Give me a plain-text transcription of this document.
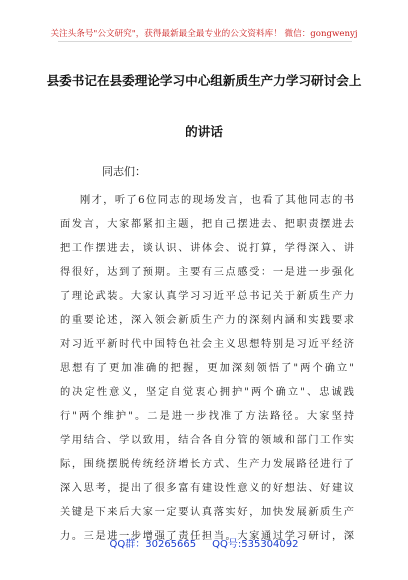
关注头条号"公文研究"，获得最新最全最专业的公文资料库！ 微信：gongwenyj
县委书记在县委理论学习中心组新质生产力学习研讨会上
的讲话
同志们：
刚才，听了6位同志的现场发言，也看了其他同志的书
面发言，大家都紧扣主题，把自己摆进去、把职责摆进去
把工作摆进去，谈认识、讲体会、说打算，学得深入、讲
得很好，达到了预期。主要有三点感受：一是进一步强化
了理论武装。大家认真学习习近平总书记关于新质生产力
的重要论述，深入领会新质生产力的深刻内涵和实践要求
对习近平新时代中国特色社会主义思想特别是习近平经济
思想有了更加准确的把握，更加深刻领悟了"两个确立"
的决定性意义，坚定自觉衷心拥护"两个确立"、忠诚践
行"两个维护"。二是进一步找准了方法路径。大家坚持
学用结合、学以致用，结合各自分管的领域和部门工作实
际，围绕摆脱传统经济增长方式、生产力发展路径进行了
深入思考，提出了很多富有建设性意义的好想法、好建议
关键是下来后大家一定要认真落实好，加快发展新质生产
力。三是进一步增强了责任担当。大家通过学习研讨，深
QQ群：30265665 QQ号:535304092
